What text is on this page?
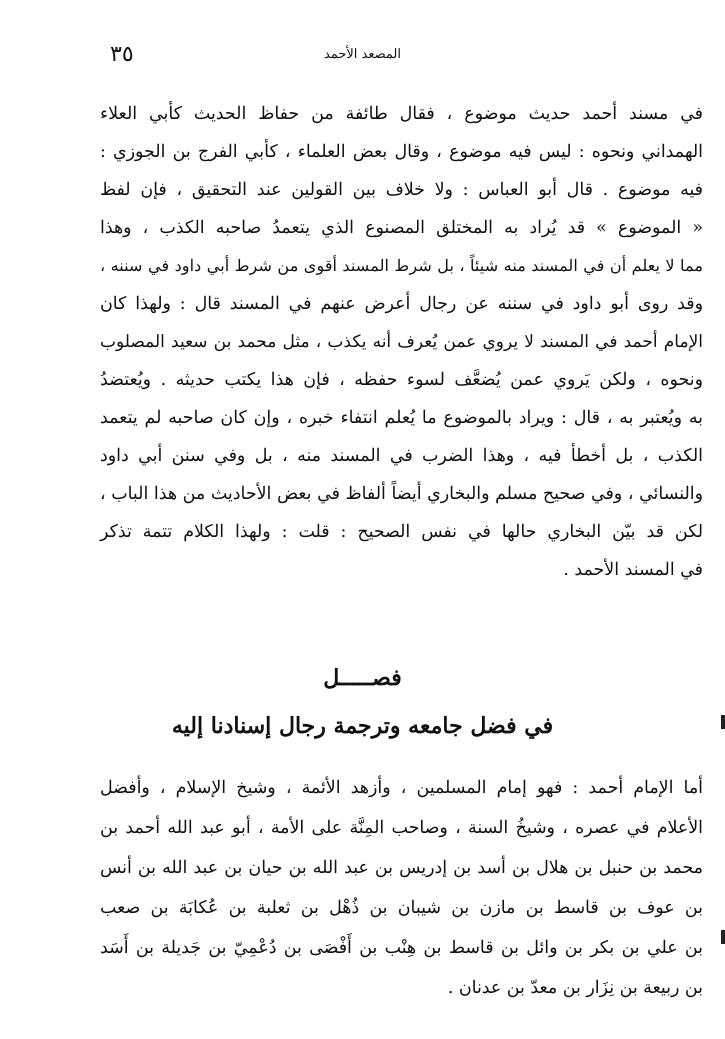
٣٥	المصعد الأحمد
في مسند أحمد حديث موضوع ، فقال طائفة من حفاظ الحديث كأبي العلاء
الهمداني ونحوه : ليس فيه موضوع ، وقال بعض العلماء ، كأبي الفرج بن الجوزي :
فيه موضوع . قال أبو العباس : ولا خلاف بين القولين عند التحقيق ، فإن لفظ
« الموضوع » قد يُراد به المختلق المصنوع الذي يتعمدُ صاحبه الكذب ، وهذا
مما لا يعلم أن في المسند منه شيئاً ، بل شرط المسند أقوى من شرط أبي داود في سننه ،
وقد روى أبو داود في سننه عن رجال أعرض عنهم في المسند قال : ولهذا كان
الإمام أحمد في المسند لا يروي عمن يُعرف أنه يكذب ، مثل محمد بن سعيد المصلوب
ونحوه ، ولكن يَروي عمن يُضعَّف لسوء حفظه ، فإن هذا يكتب حديثه . ويُعتضدُ
به ويُعتبر به ، قال : ويراد بالموضوع ما يُعلم انتفاء خبره ، وإن كان صاحبه لم يتعمد
الكذب ، بل أخطأ فيه ، وهذا الضرب في المسند منه ، بل وفي سنن أبي داود
والنسائي ، وفي صحيح مسلم والبخاري أيضاً ألفاظ في بعض الأحاديث من هذا الباب ،
لكن قد بيّن البخاري حالها في نفس الصحيح : قلت : ولهذا الكلام تتمة تذكر
في المسند الأحمد .
فصـــــل
في فضل جامعه وترجمة رجال إسنادنا إليه
أما الإمام أحمد : فهو إمام المسلمين ، وأزهد الأئمة ، وشيخ الإسلام ، وأفضل
الأعلام في عصره ، وشيخُ السنة ، وصاحب المِنَّة على الأمة ، أبو عبد الله أحمد بن
محمد بن حنبل بن هلال بن أسد بن إدريس بن عبد الله بن حيان بن عبد الله بن أنس
بن عوف بن قاسط بن مازن بن شيبان بن ذُهْل بن ثعلبة بن عُكابَة بن صعب
بن علي بن بكر بن وائل بن قاسط بن هِنْب بن أَفْصَى بن دُعْمِيّ بن جَديلة بن أَسَد
بن ربيعة بن نِزَار بن معدّ بن عدنان .
